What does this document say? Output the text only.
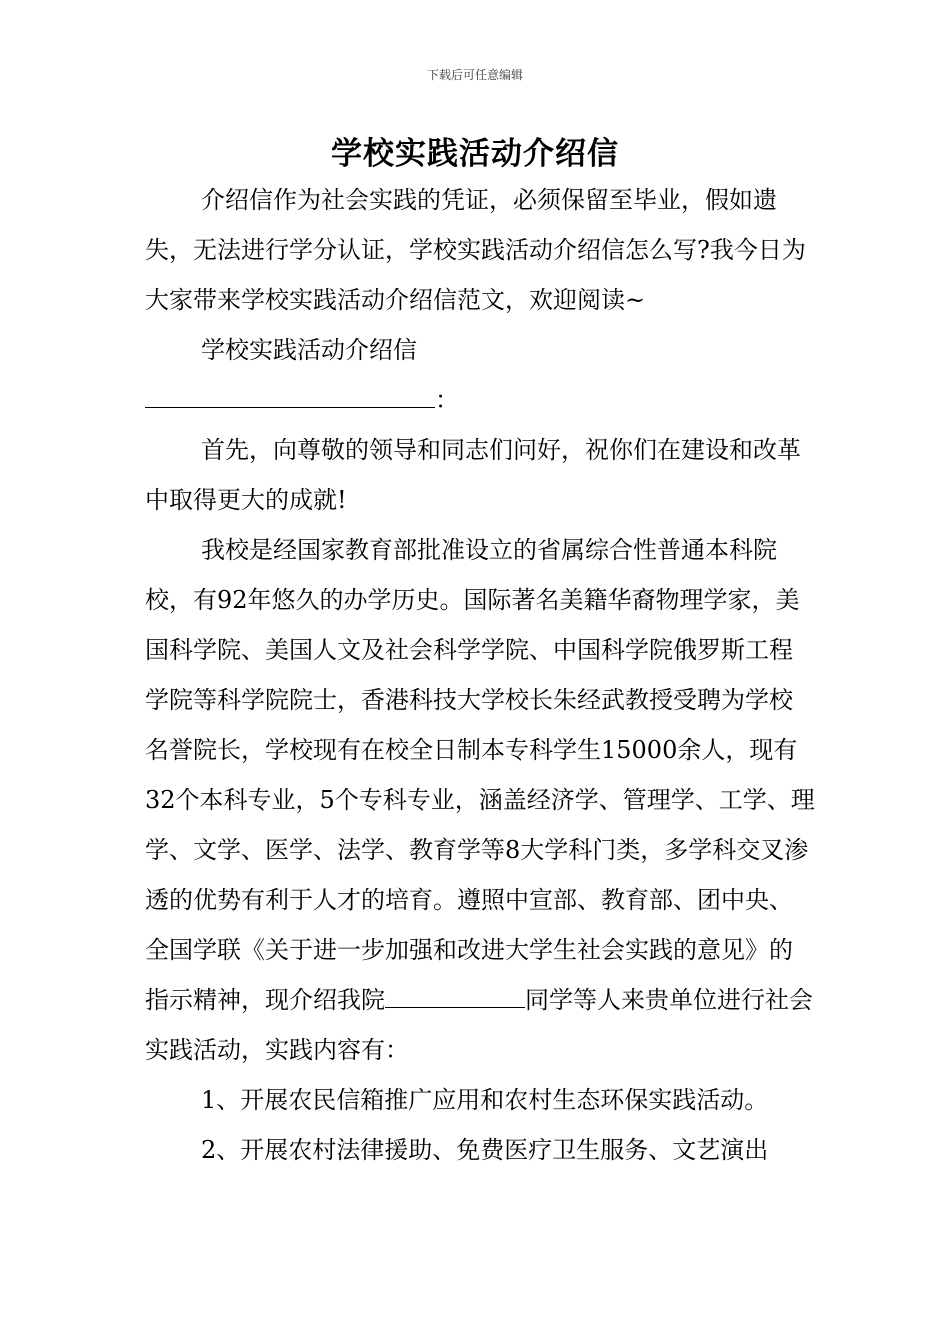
下载后可任意编辑
学校实践活动介绍信

介绍信作为社会实践的凭证，必须保留至毕业，假如遗失，无法进行学分认证，学校实践活动介绍信怎么写?我今日为大家带来学校实践活动介绍信范文，欢迎阅读~

学校实践活动介绍信

：

首先，向尊敬的领导和同志们问好，祝你们在建设和改革中取得更大的成就!

我校是经国家教育部批准设立的省属综合性普通本科院校，有92年悠久的办学历史。国际著名美籍华裔物理学家，美国科学院、美国人文及社会科学学院、中国科学院俄罗斯工程学院等科学院院士，香港科技大学校长朱经武教授受聘为学校名誉院长，学校现有在校全日制本专科学生15000余人，现有32个本科专业，5个专科专业，涵盖经济学、管理学、工学、理学、文学、医学、法学、教育学等8大学科门类，多学科交叉渗透的优势有利于人才的培育。遵照中宣部、教育部、团中央、全国学联《关于进一步加强和改进大学生社会实践的意见》的指示精神，现介绍我院	同学等人来贵单位进行社会实践活动，实践内容有：

1、开展农民信箱推广应用和农村生态环保实践活动。

2、开展农村法律援助、免费医疗卫生服务、文艺演出
